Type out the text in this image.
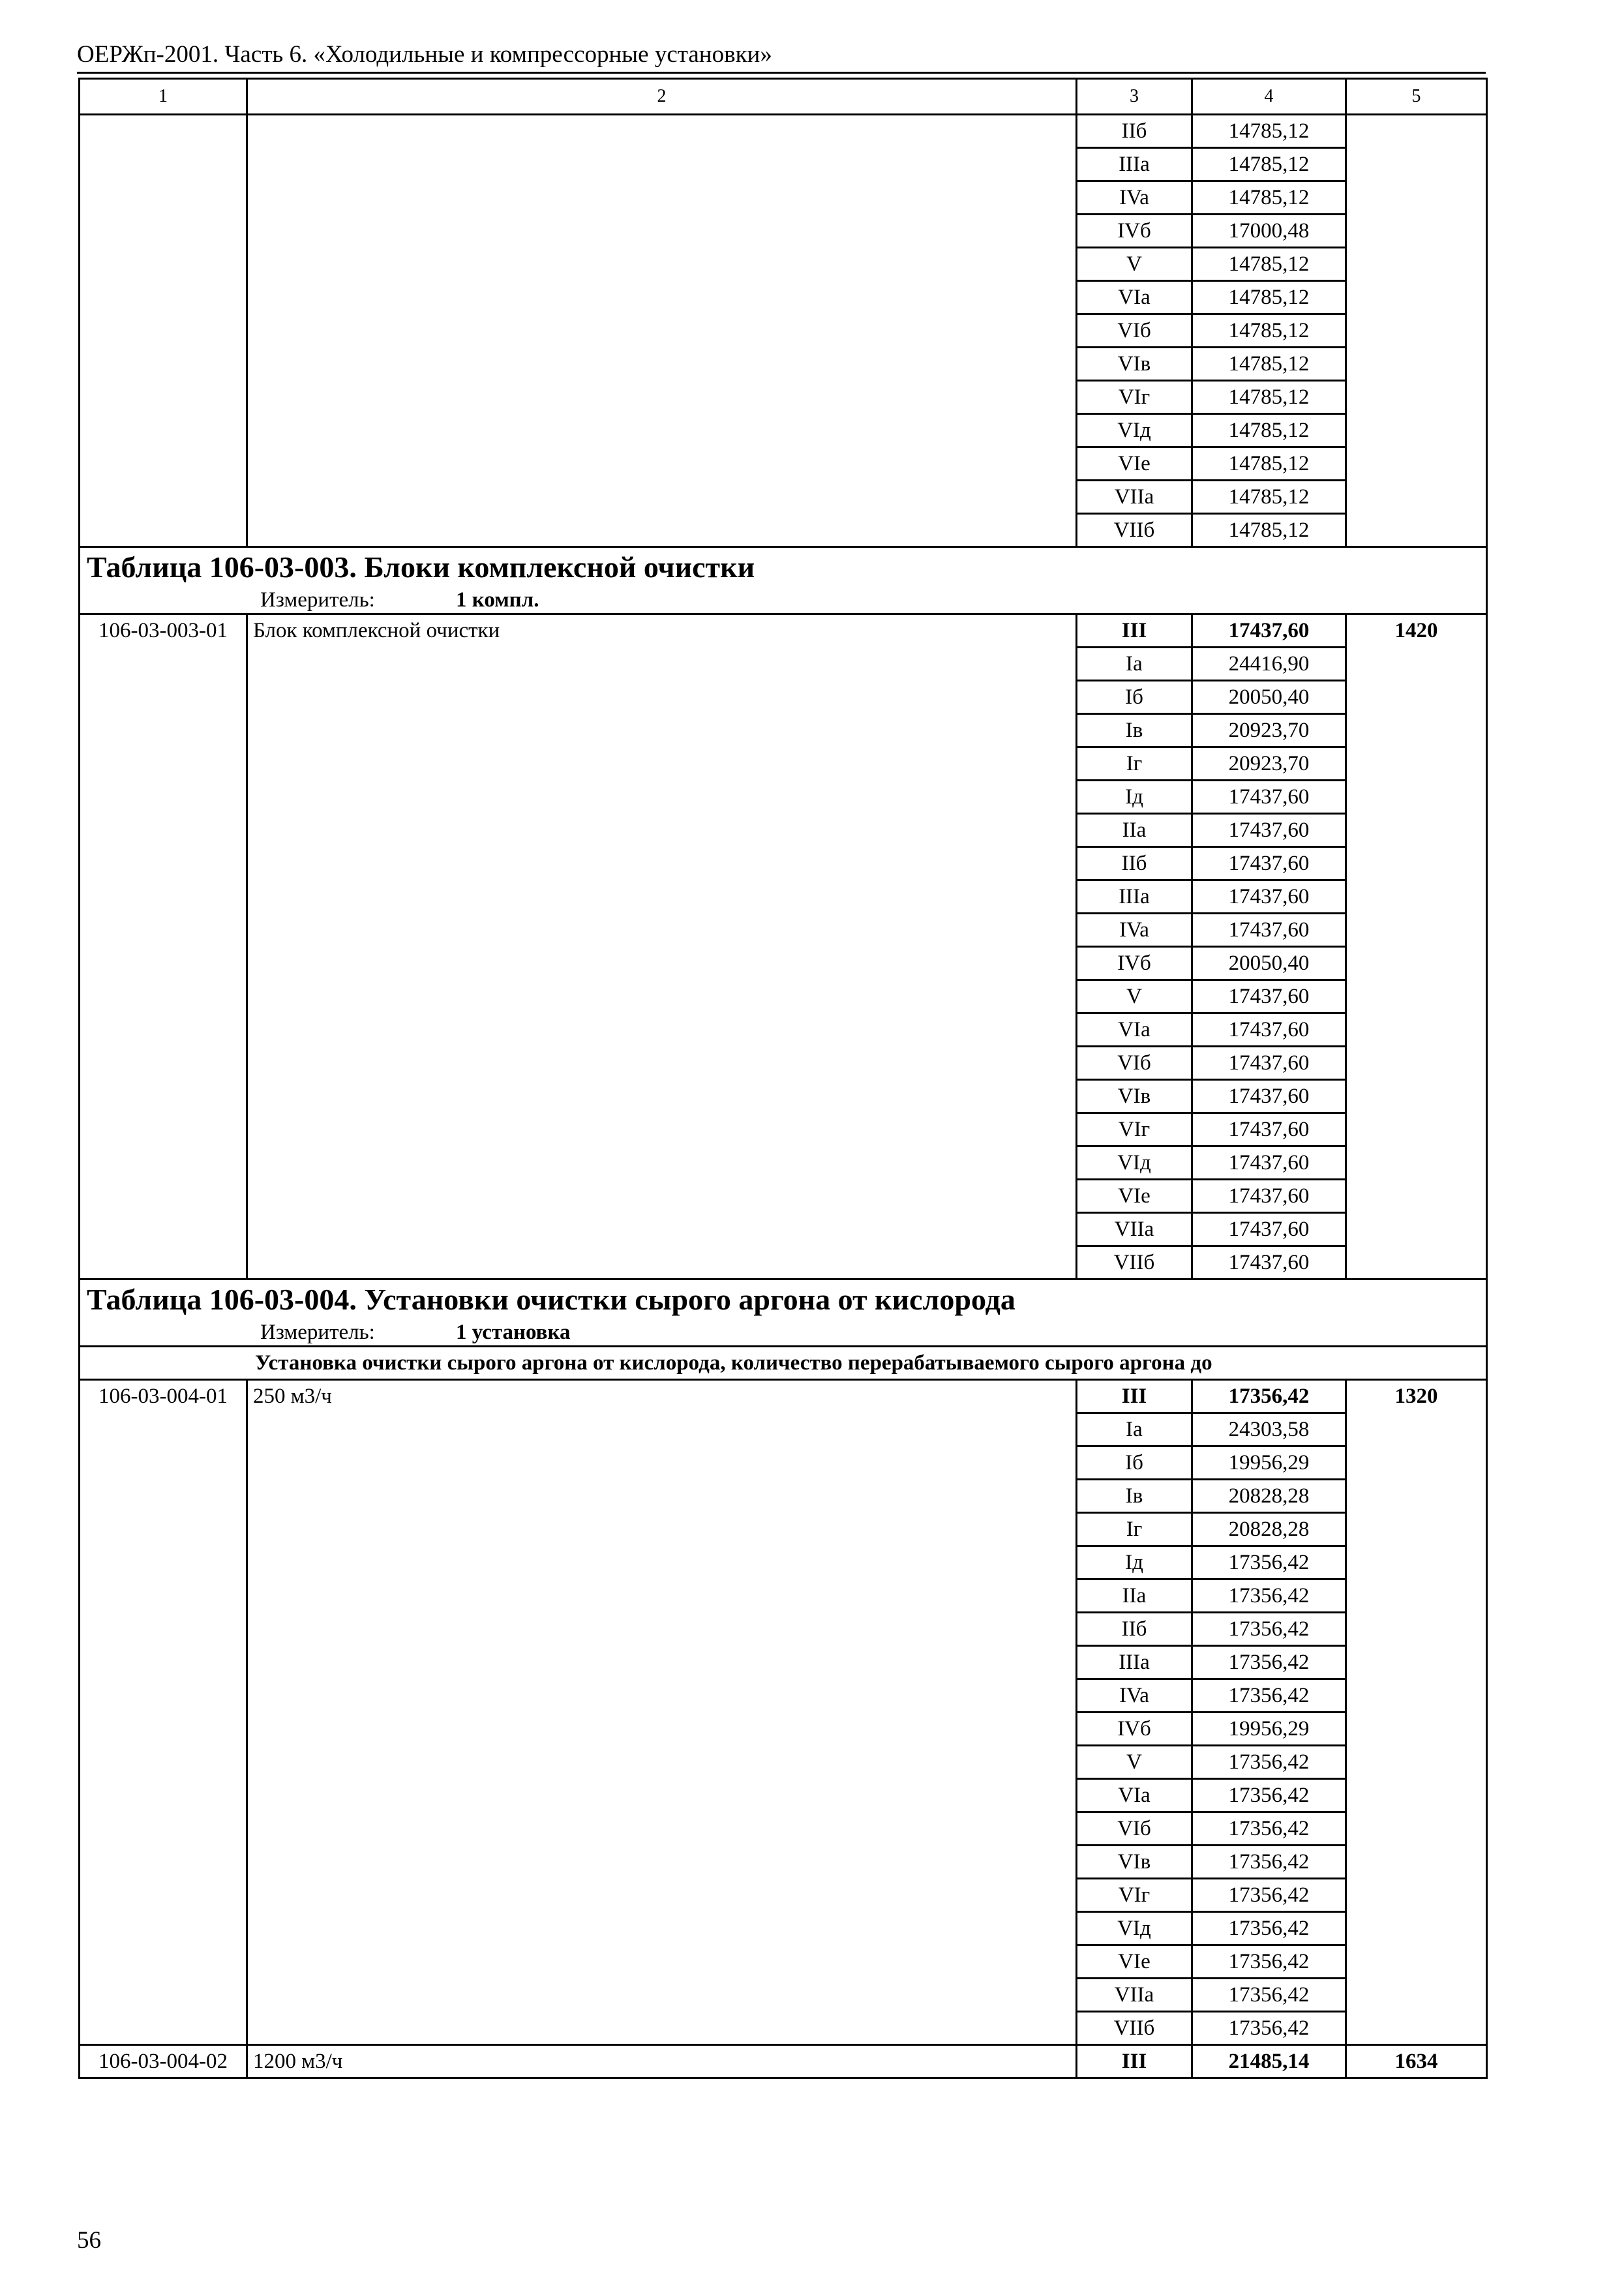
ОЕРЖп-2001. Часть 6. «Холодильные и компрессорные установки»
1	2	3	4	5
		IIб	14785,12	
		IIIa	14785,12	
		IVa	14785,12	
		IVб	17000,48	
		V	14785,12	
		VIa	14785,12	
		VIб	14785,12	
		VIв	14785,12	
		VIг	14785,12	
		VIд	14785,12	
		VIe	14785,12	
		VIIa	14785,12	
		VIIб	14785,12	
Таблица 106-03-003. Блоки комплексной очистки				
Измеритель: 1 компл.				
106-03-003-01	Блок комплексной очистки	III	17437,60	1420
		Ia	24416,90	
		Iб	20050,40	
		Iв	20923,70	
		Iг	20923,70	
		Iд	17437,60	
		IIa	17437,60	
		IIб	17437,60	
		IIIa	17437,60	
		IVa	17437,60	
		IVб	20050,40	
		V	17437,60	
		VIa	17437,60	
		VIб	17437,60	
		VIв	17437,60	
		VIг	17437,60	
		VIд	17437,60	
		VIe	17437,60	
		VIIa	17437,60	
		VIIб	17437,60	
Таблица 106-03-004. Установки очистки сырого аргона от кислорода				
Измеритель: 1 установка				
Установка очистки сырого аргона от кислорода, количество перерабатываемого сырого аргона до				
106-03-004-01	250 м3/ч	III	17356,42	1320
		Ia	24303,58	
		Iб	19956,29	
		Iв	20828,28	
		Iг	20828,28	
		Iд	17356,42	
		IIa	17356,42	
		IIб	17356,42	
		IIIa	17356,42	
		IVa	17356,42	
		IVб	19956,29	
		V	17356,42	
		VIa	17356,42	
		VIб	17356,42	
		VIв	17356,42	
		VIг	17356,42	
		VIд	17356,42	
		VIe	17356,42	
		VIIa	17356,42	
		VIIб	17356,42	
106-03-004-02	1200 м3/ч	III	21485,14	1634
56
